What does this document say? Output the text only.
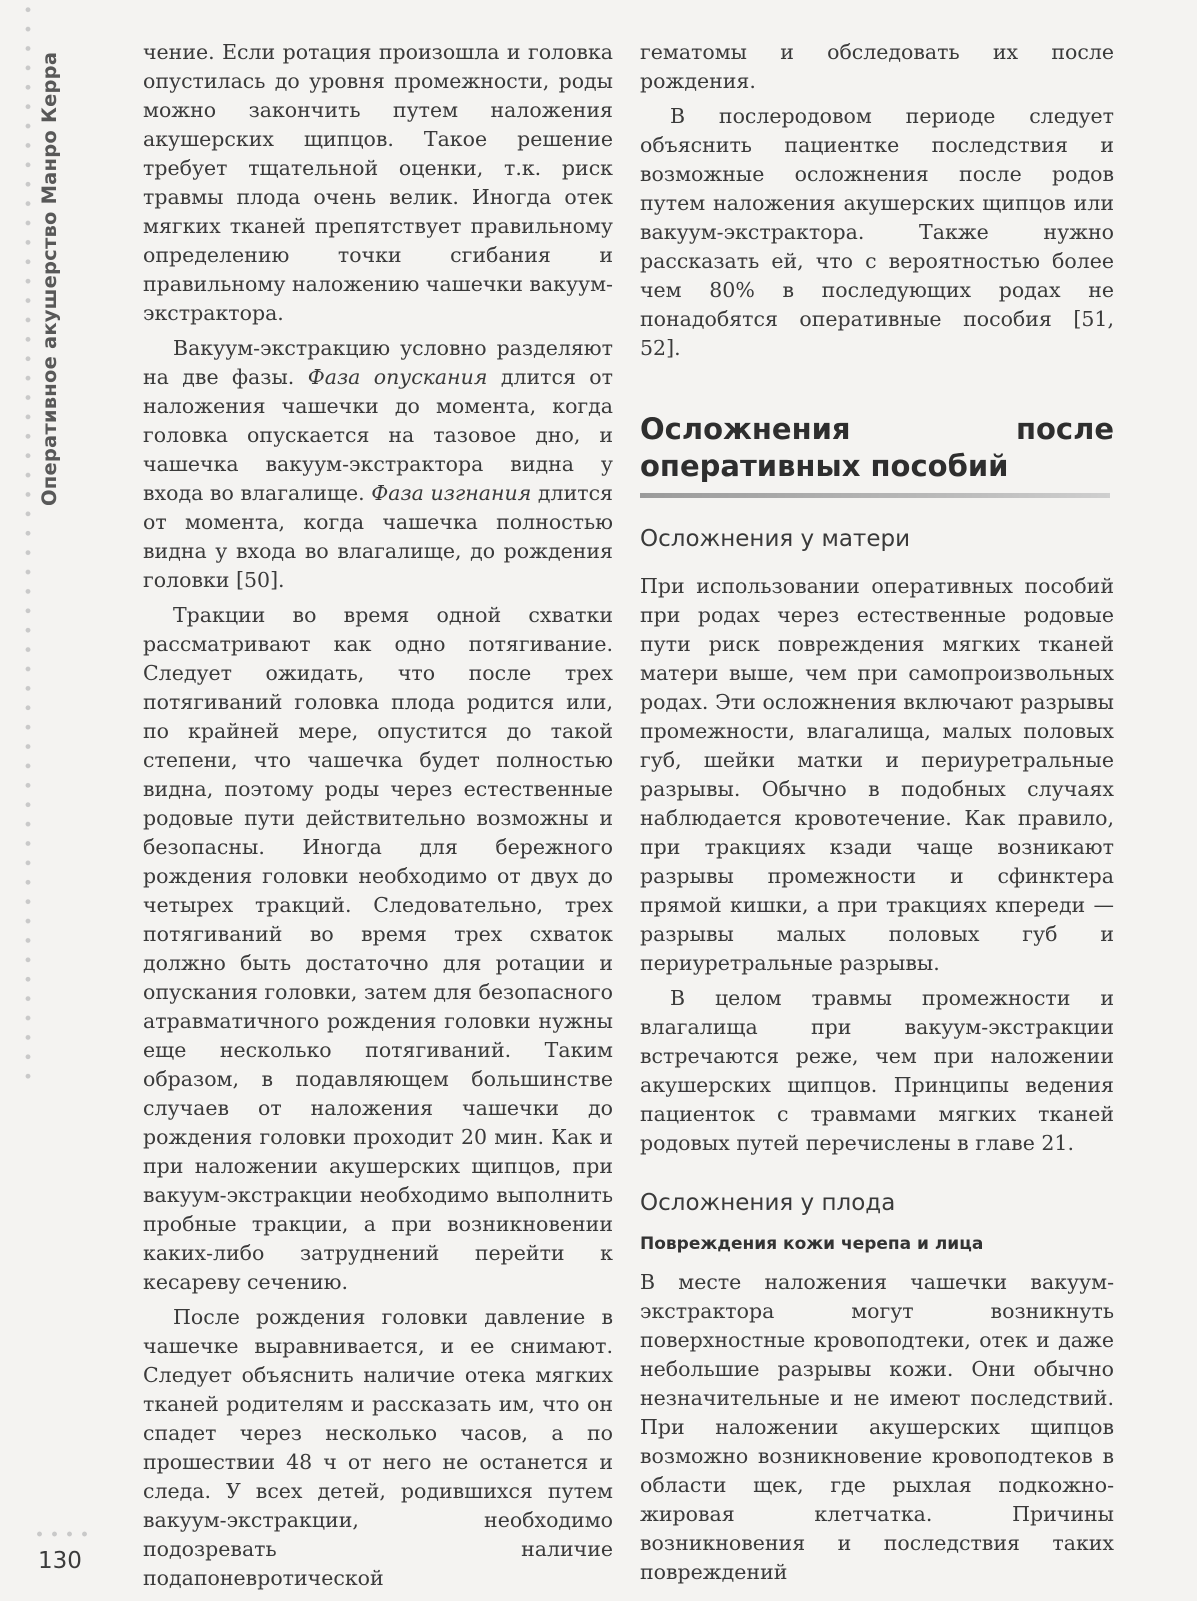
Оперативное акушерство Манро Керра
130

чение. Если ротация произошла и головка опустилась до уровня промежности, роды можно закончить путем наложения акушерских щипцов. Такое решение требует тщательной оценки, т.к. риск травмы плода очень велик. Иногда отек мягких тканей препятствует правильному определению точки сгибания и правильному наложению чашечки вакуум-экстрактора.

Вакуум-экстракцию условно разделяют на две фазы. Фаза опускания длится от наложения чашечки до момента, когда головка опускается на тазовое дно, и чашечка вакуум-экстрактора видна у входа во влагалище. Фаза изгнания длится от момента, когда чашечка полностью видна у входа во влагалище, до рождения головки [50].

Тракции во время одной схватки рассматривают как одно потягивание. Следует ожидать, что после трех потягиваний головка плода родится или, по крайней мере, опустится до такой степени, что чашечка будет полностью видна, поэтому роды через естественные родовые пути действительно возможны и безопасны. Иногда для бережного рождения головки необходимо от двух до четырех тракций. Следовательно, трех потягиваний во время трех схваток должно быть достаточно для ротации и опускания головки, затем для безопасного атравматичного рождения головки нужны еще несколько потягиваний. Таким образом, в подавляющем большинстве случаев от наложения чашечки до рождения головки проходит 20 мин. Как и при наложении акушерских щипцов, при вакуум-экстракции необходимо выполнить пробные тракции, а при возникновении каких-либо затруднений перейти к кесареву сечению.

После рождения головки давление в чашечке выравнивается, и ее снимают. Следует объяснить наличие отека мягких тканей родителям и рассказать им, что он спадет через несколько часов, а по прошествии 48 ч от него не останется и следа. У всех детей, родившихся путем вакуум-экстракции, необходимо подозревать наличие подапоневротической

гематомы и обследовать их после рождения.

В послеродовом периоде следует объяснить пациентке последствия и возможные осложнения после родов путем наложения акушерских щипцов или вакуум-экстрактора. Также нужно рассказать ей, что с вероятностью более чем 80% в последующих родах не понадобятся оперативные пособия [51, 52].

Осложнения после оперативных пособий
Осложнения у матери

При использовании оперативных пособий при родах через естественные родовые пути риск повреждения мягких тканей матери выше, чем при самопроизвольных родах. Эти осложнения включают разрывы промежности, влагалища, малых половых губ, шейки матки и периуретральные разрывы. Обычно в подобных случаях наблюдается кровотечение. Как правило, при тракциях кзади чаще возникают разрывы промежности и сфинктера прямой кишки, а при тракциях кпереди — разрывы малых половых губ и периуретральные разрывы.

В целом травмы промежности и влагалища при вакуум-экстракции встречаются реже, чем при наложении акушерских щипцов. Принципы ведения пациенток с травмами мягких тканей родовых путей перечислены в главе 21.

Осложнения у плода
Повреждения кожи черепа и лица

В месте наложения чашечки вакуум-экстрактора могут возникнуть поверхностные кровоподтеки, отек и даже небольшие разрывы кожи. Они обычно незначительные и не имеют последствий. При наложении акушерских щипцов возможно возникновение кровоподтеков в области щек, где рыхлая подкожно-жировая клетчатка. Причины возникновения и последствия таких повреждений
